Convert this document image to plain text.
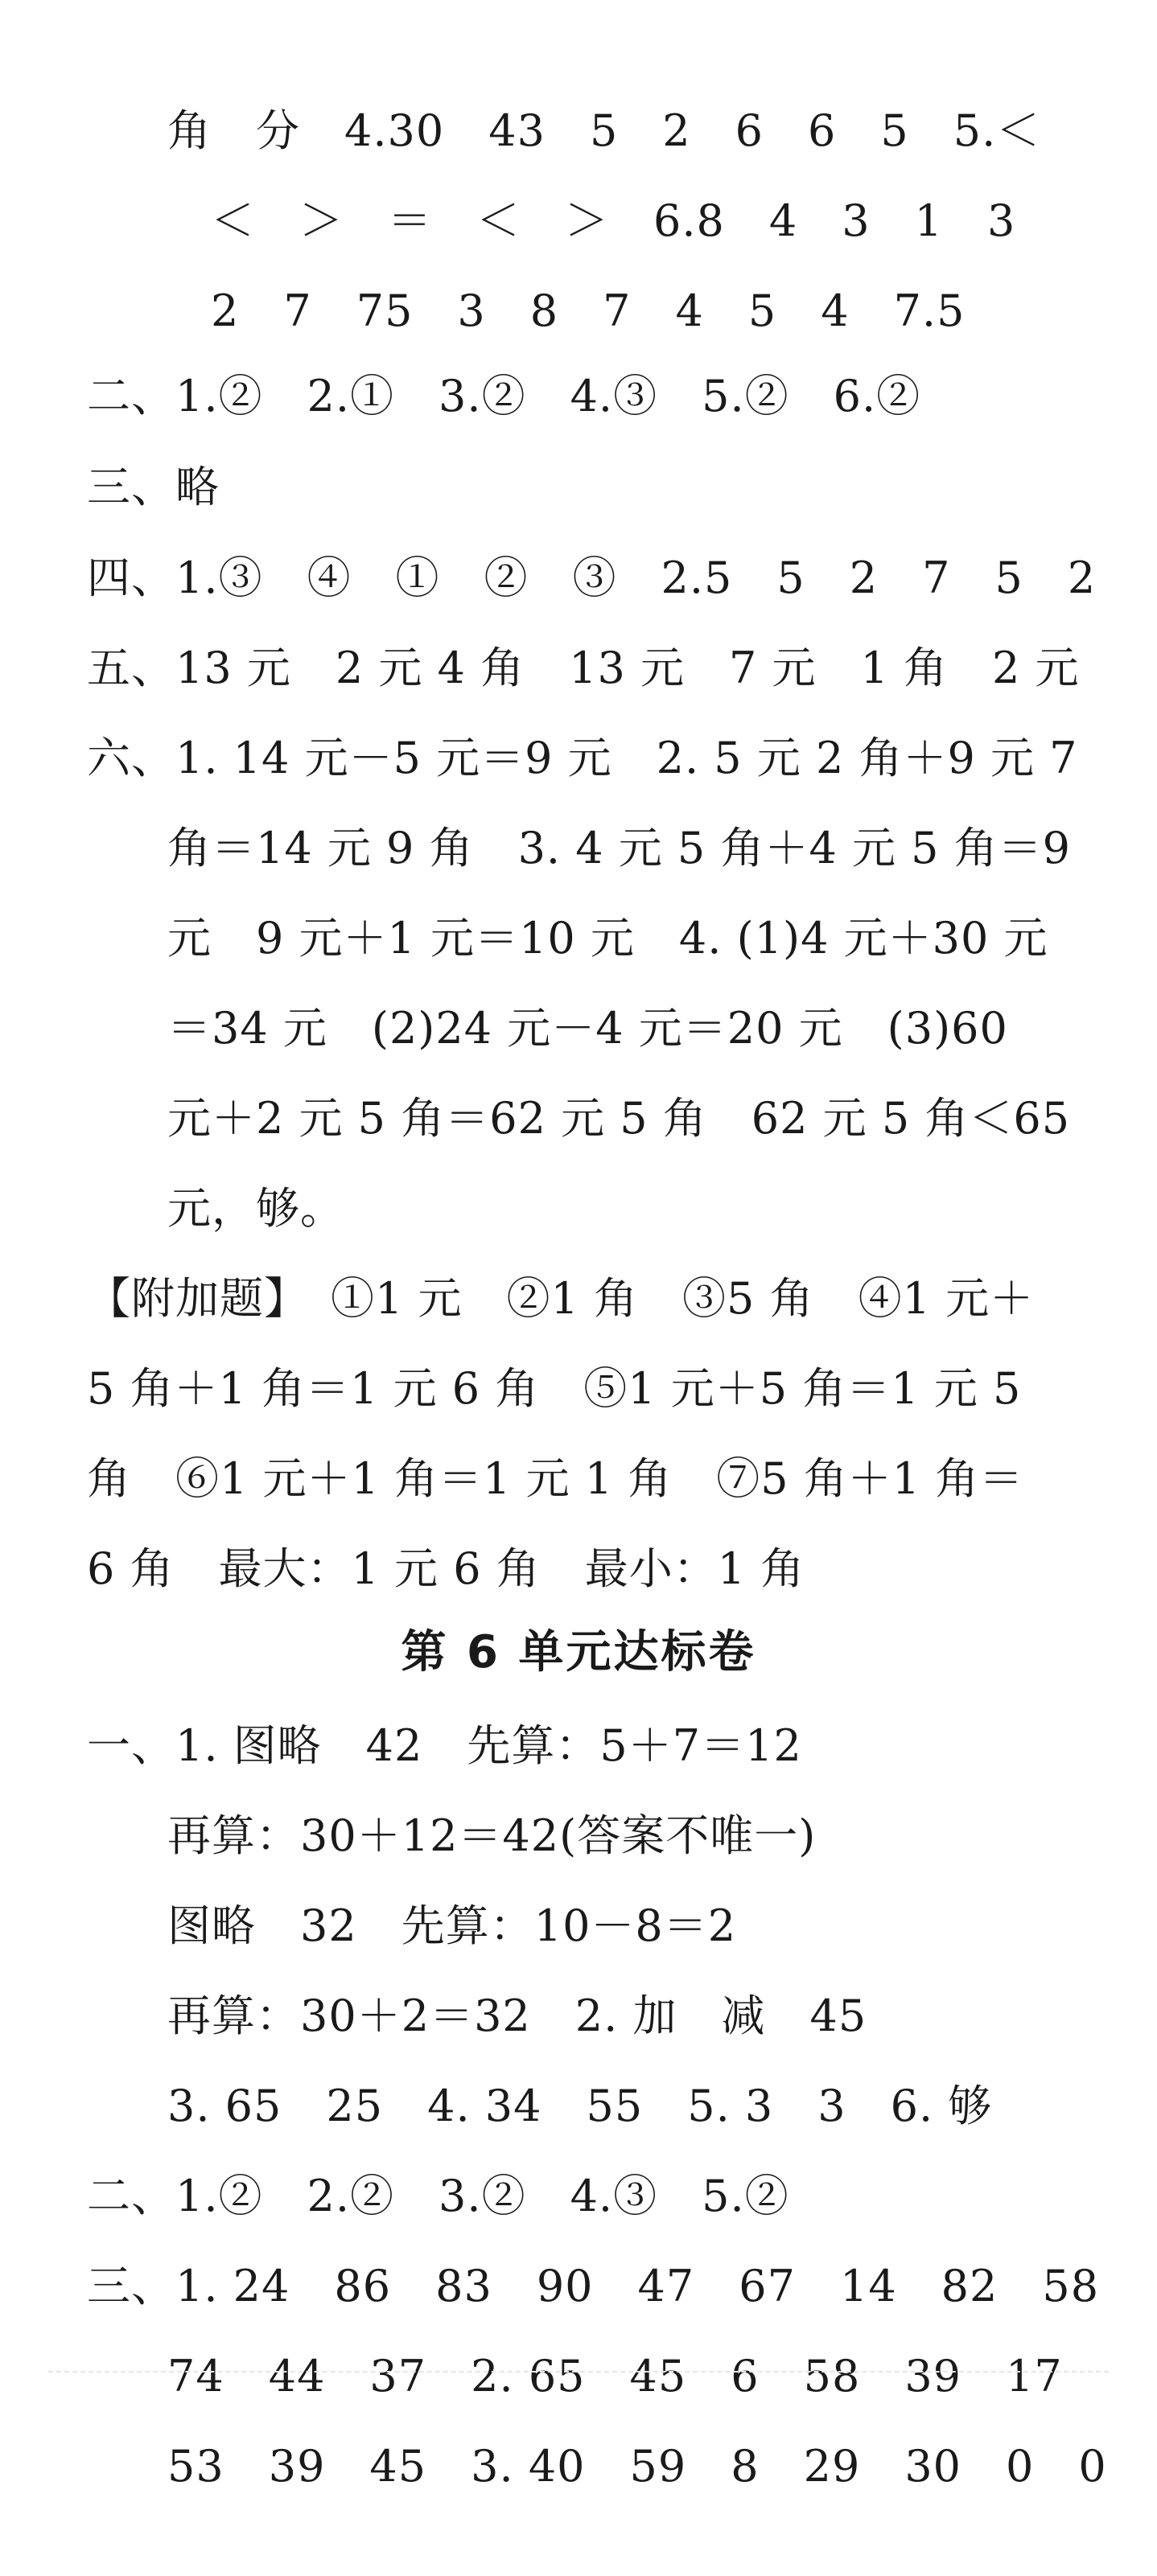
角　分　4.30　43　5　2　6　6　5　5.＜
＜　＞　＝　＜　＞　6.8　4　3　1　3
2　7　75　3　8　7　4　5　4　7.5
二、1.②　2.①　3.②　4.③　5.②　6.②
三、略
四、1.③　④　①　②　③　2.5　5　2　7　5　2
五、13 元　2 元 4 角　13 元　7 元　1 角　2 元
六、1. 14 元－5 元＝9 元　2. 5 元 2 角＋9 元 7
角＝14 元 9 角　3. 4 元 5 角＋4 元 5 角＝9
元　9 元＋1 元＝10 元　4. (1)4 元＋30 元
＝34 元　(2)24 元－4 元＝20 元　(3)60
元＋2 元 5 角＝62 元 5 角　62 元 5 角＜65
元，够。
【附加题】　①1 元　②1 角　③5 角　④1 元＋
5 角＋1 角＝1 元 6 角　⑤1 元＋5 角＝1 元 5
角　⑥1 元＋1 角＝1 元 1 角　⑦5 角＋1 角＝
6 角　最大：1 元 6 角　最小：1 角
一、1. 图略　42　先算：5＋7＝12
再算：30＋12＝42(答案不唯一)
图略　32　先算：10－8＝2
再算：30＋2＝32　2. 加　减　45
3. 65　25　4. 34　55　5. 3　3　6. 够
二、1.②　2.②　3.②　4.③　5.②
三、1. 24　86　83　90　47　67　14　82　58
74　44　37　2. 65　45　6　58　39　17
53　39　45　3. 40　59　8　29　30　0　0
第 6 单元达标卷
